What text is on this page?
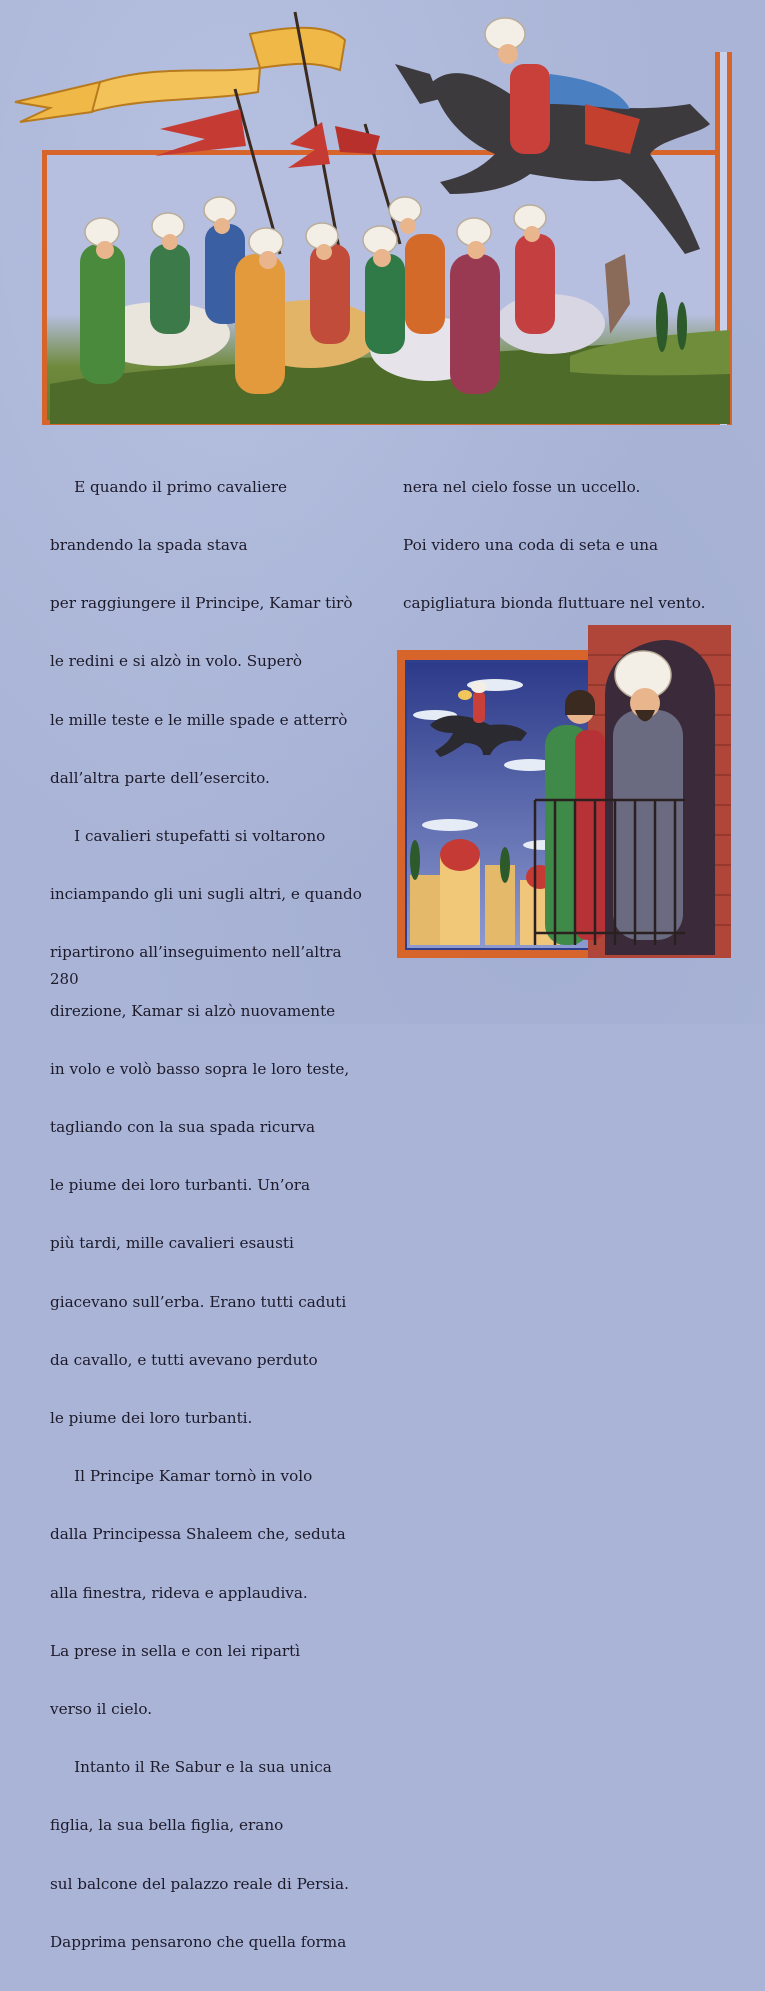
E quando il primo cavaliere

brandendo la spada stava

per raggiungere il Principe, Kamar tirò

le redini e si alzò in volo. Superò

le mille teste e le mille spade e atterrò

dall’altra parte dell’esercito.

I cavalieri stupefatti si voltarono

inciampando gli uni sugli altri, e quando

ripartirono all’inseguimento nell’altra

direzione, Kamar si alzò nuovamente

in volo e volò basso sopra le loro teste,

tagliando con la sua spada ricurva

le piume dei loro turbanti. Un’ora

più tardi, mille cavalieri esausti

giacevano sull’erba. Erano tutti caduti

da cavallo, e tutti avevano perduto

le piume dei loro turbanti.

Il Principe Kamar tornò in volo

dalla Principessa Shaleem che, seduta

alla finestra, rideva e applaudiva.

La prese in sella e con lei ripartì

verso il cielo.

Intanto il Re Sabur e la sua unica

figlia, la sua bella figlia, erano

sul balcone del palazzo reale di Persia.

Dapprima pensarono che quella forma

nera nel cielo fosse un uccello.

Poi videro una coda di seta e una

capigliatura bionda fluttuare nel vento.

280
